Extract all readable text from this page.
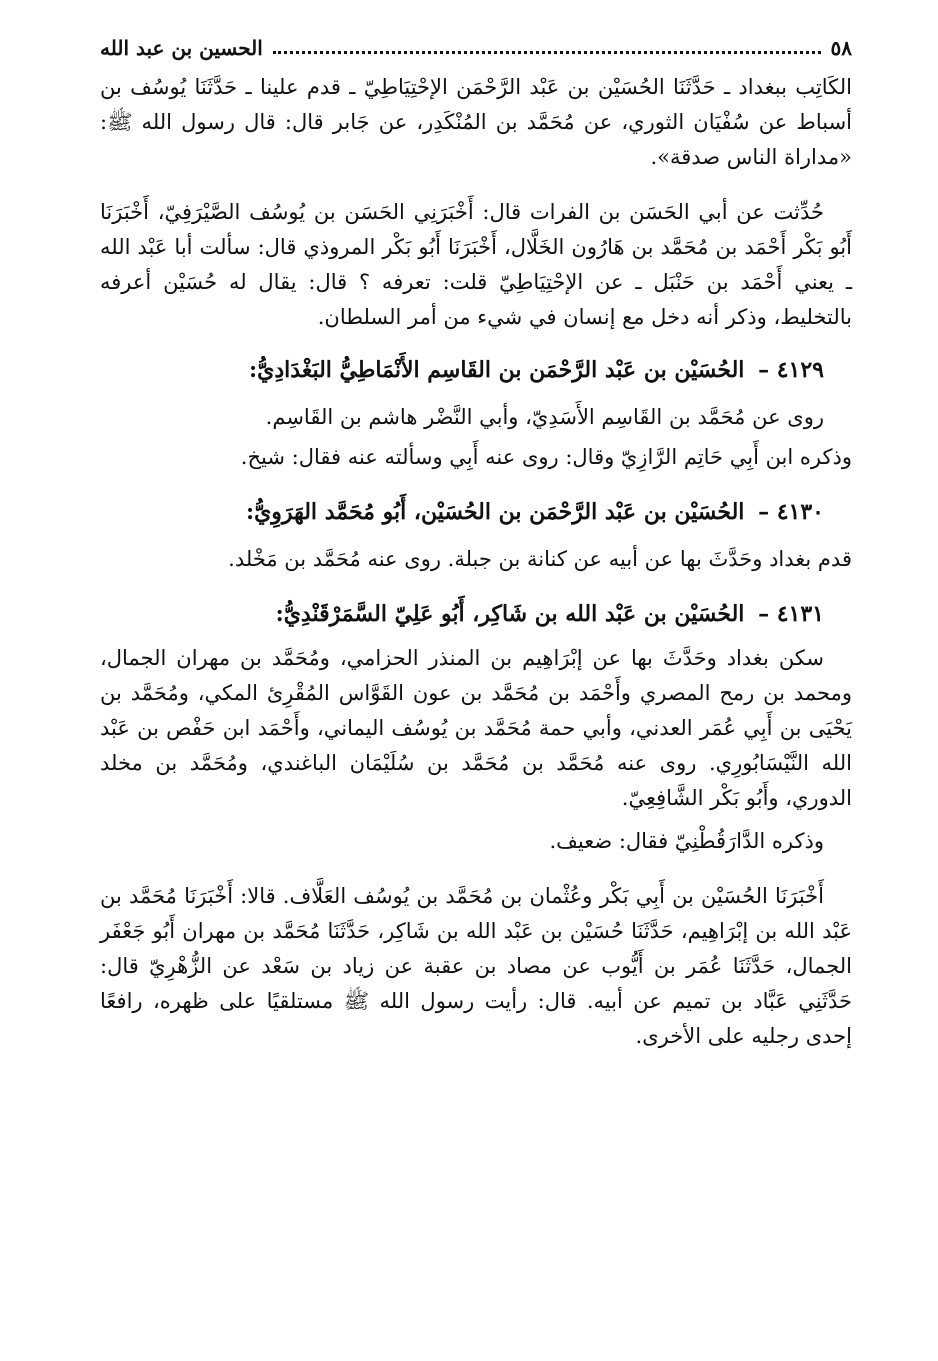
٥٨
الحسين بن عبد الله

الكَاتِب ببغداد ـ حَدَّثَنَا الحُسَيْن بن عَبْد الرَّحْمَن الإحْتِيَاطِيّ ـ قدم علينا ـ حَدَّثَنَا يُوسُف بن أسباط عن سُفْيَان الثوري، عن مُحَمَّد بن المُنْكَدِر، عن جَابر قال: قال رسول الله ﷺ: «مداراة الناس صدقة».

حُدِّثت عن أبي الحَسَن بن الفرات قال: أَخْبَرَنِي الحَسَن بن يُوسُف الصَّيْرَفِيّ، أَخْبَرَنَا أَبُو بَكْر أَحْمَد بن مُحَمَّد بن هَارُون الخَلَّال، أَخْبَرَنَا أَبُو بَكْر المروذي قال: سألت أبا عَبْد الله ـ يعني أَحْمَد بن حَنْبَل ـ عن الإحْتِيَاطِيّ قلت: تعرفه ؟ قال: يقال له حُسَيْن أعرفه بالتخليط، وذكر أنه دخل مع إنسان في شيء من أمر السلطان.

٤١٢٩ – الحُسَيْن بن عَبْد الرَّحْمَن بن القَاسِم الأَنْمَاطِيُّ البَغْدَادِيُّ:

روى عن مُحَمَّد بن القَاسِم الأَسَدِيّ، وأبي النَّضْر هاشم بن القَاسِم.

وذكره ابن أَبِي حَاتِم الرَّازِيّ وقال: روى عنه أَبِي وسألته عنه فقال: شيخ.

٤١٣٠ – الحُسَيْن بن عَبْد الرَّحْمَن بن الحُسَيْن، أَبُو مُحَمَّد الهَرَوِيُّ:

قدم بغداد وحَدَّثَ بها عن أبيه عن كنانة بن جبلة. روى عنه مُحَمَّد بن مَخْلد.

٤١٣١ – الحُسَيْن بن عَبْد الله بن شَاكِر، أَبُو عَلِيّ السَّمَرْقَنْدِيُّ:

سكن بغداد وحَدَّثَ بها عن إبْرَاهِيم بن المنذر الحزامي، ومُحَمَّد بن مهران الجمال، ومحمد بن رمح المصري وأَحْمَد بن مُحَمَّد بن عون القَوَّاس المُقْرِئ المكي، ومُحَمَّد بن يَحْيَى بن أَبِي عُمَر العدني، وأبي حمة مُحَمَّد بن يُوسُف اليماني، وأَحْمَد ابن حَفْص بن عَبْد الله النَّيْسَابُورِي. روى عنه مُحَمَّد بن مُحَمَّد بن سُلَيْمَان الباغندي، ومُحَمَّد بن مخلد الدوري، وأَبُو بَكْر الشَّافِعِيّ.

وذكره الدَّارَقُطْنِيّ فقال: ضعيف.

أَخْبَرَنَا الحُسَيْن بن أَبِي بَكْر وعُثْمان بن مُحَمَّد بن يُوسُف العَلَّاف. قالا: أَخْبَرَنَا مُحَمَّد بن عَبْد الله بن إبْرَاهِيم، حَدَّثَنَا حُسَيْن بن عَبْد الله بن شَاكِر، حَدَّثَنَا مُحَمَّد بن مهران أَبُو جَعْفَر الجمال، حَدَّثَنَا عُمَر بن أَيُّوب عن مصاد بن عقبة عن زياد بن سَعْد عن الزُّهْرِيّ قال: حَدَّثَنِي عَبَّاد بن تميم عن أبيه. قال: رأيت رسول الله ﷺ مستلقيًا على ظهره، رافعًا إحدى رجليه على الأخرى.
